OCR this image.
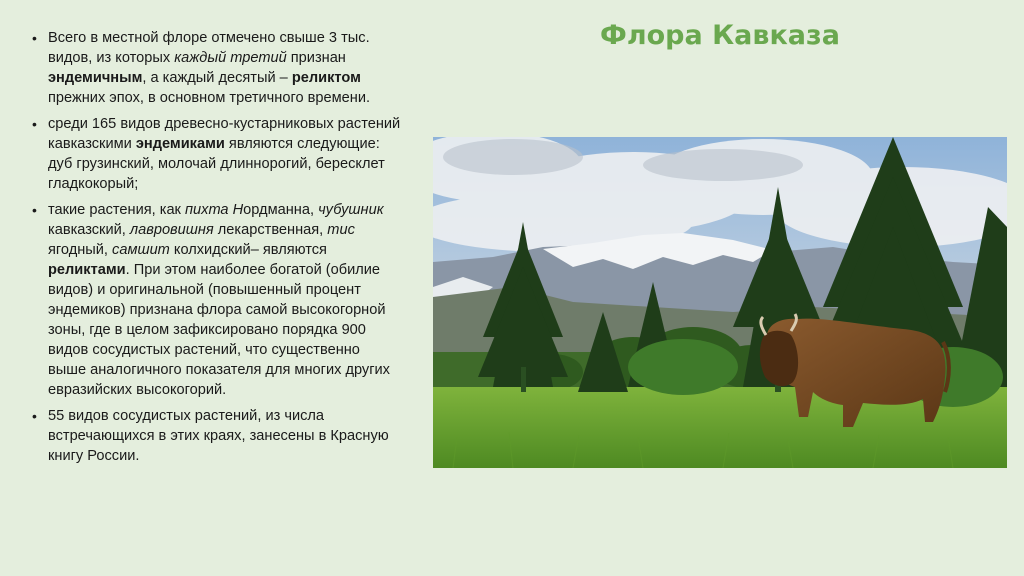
Флора Кавказа
• Всего в местной флоре отмечено свыше 3 тыс. видов, из которых каждый третий признан эндемичным, а каждый десятый – реликтом прежних эпох, в основном третичного времени.
• среди 165 видов древесно-кустарниковых растений кавказскими эндемиками являются следующие: дуб грузинский, молочай длиннорогий, бересклет гладкокорый;
• такие растения, как пихта Нордманна, чубушник кавказский, лавровишня лекарственная, тис ягодный, самшит колхидский– являются реликтами. При этом наиболее богатой (обилие видов) и оригинальной (повышенный процент эндемиков) признана флора самой высокогорной зоны, где в целом зафиксировано порядка 900 видов сосудистых растений, что существенно выше аналогичного показателя для многих других евразийских высокогорий.
• 55 видов сосудистых растений, из числа встречающихся в этих краях, занесены в Красную книгу России.
